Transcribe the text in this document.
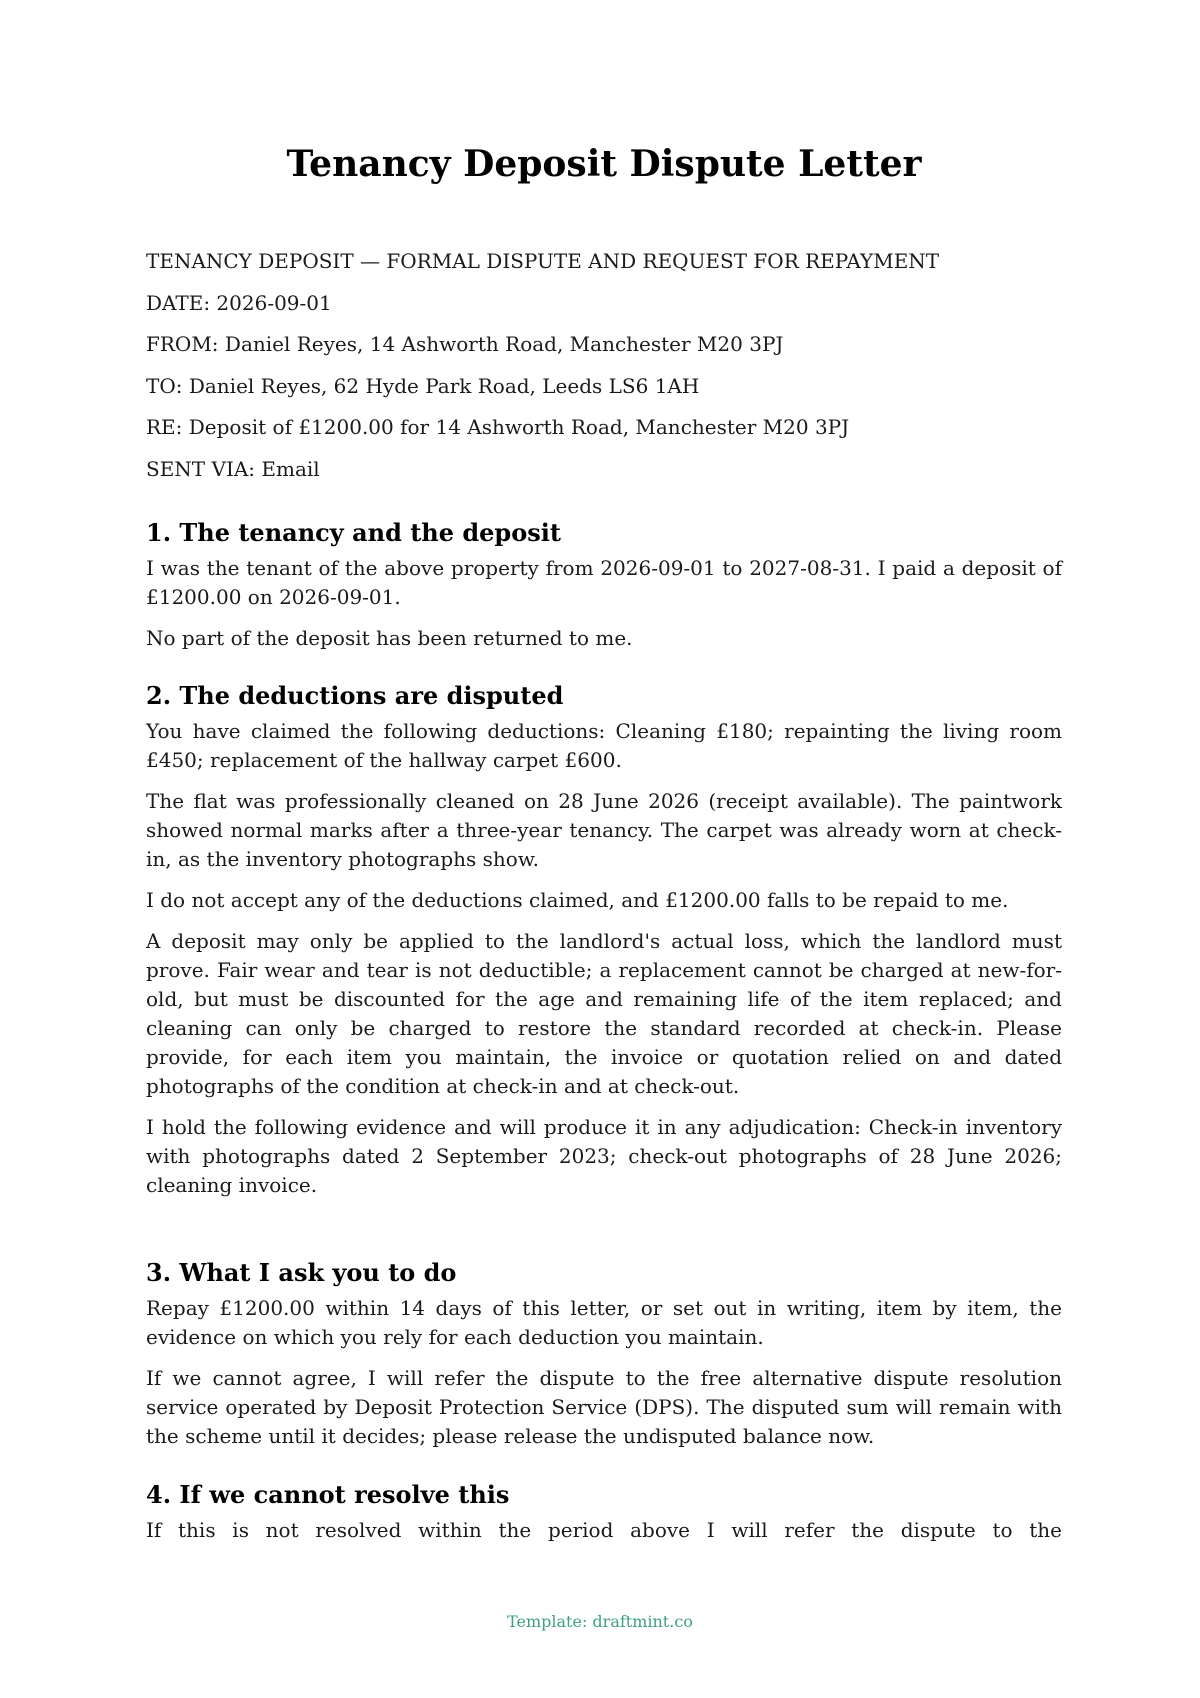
Tenancy Deposit Dispute Letter
TENANCY DEPOSIT — FORMAL DISPUTE AND REQUEST FOR REPAYMENT
DATE: 2026-09-01
FROM: Daniel Reyes, 14 Ashworth Road, Manchester M20 3PJ
TO: Daniel Reyes, 62 Hyde Park Road, Leeds LS6 1AH
RE: Deposit of £1200.00 for 14 Ashworth Road, Manchester M20 3PJ
SENT VIA: Email
1. The tenancy and the deposit

I was the tenant of the above property from 2026-09-01 to 2027-08-31. I paid a deposit of £1200.00 on 2026-09-01.

No part of the deposit has been returned to me.

2. The deductions are disputed

You have claimed the following deductions: Cleaning £180; repainting the living room £450; replacement of the hallway carpet £600.

The flat was professionally cleaned on 28 June 2026 (receipt available). The paintwork showed normal marks after a three-year tenancy. The carpet was already worn at check-in, as the inventory photographs show.

I do not accept any of the deductions claimed, and £1200.00 falls to be repaid to me.

A deposit may only be applied to the landlord's actual loss, which the landlord must prove. Fair wear and tear is not deductible; a replacement cannot be charged at new-for-old, but must be discounted for the age and remaining life of the item replaced; and cleaning can only be charged to restore the standard recorded at check-in. Please provide, for each item you maintain, the invoice or quotation relied on and dated photographs of the condition at check-in and at check-out.

I hold the following evidence and will produce it in any adjudication: Check-in inventory with photographs dated 2 September 2023; check-out photographs of 28 June 2026; cleaning invoice.

3. What I ask you to do

Repay £1200.00 within 14 days of this letter, or set out in writing, item by item, the evidence on which you rely for each deduction you maintain.

If we cannot agree, I will refer the dispute to the free alternative dispute resolution service operated by Deposit Protection Service (DPS). The disputed sum will remain with the scheme until it decides; please release the undisputed balance now.

4. If we cannot resolve this

If this is not resolved within the period above I will refer the dispute to the

Template: draftmint.co
